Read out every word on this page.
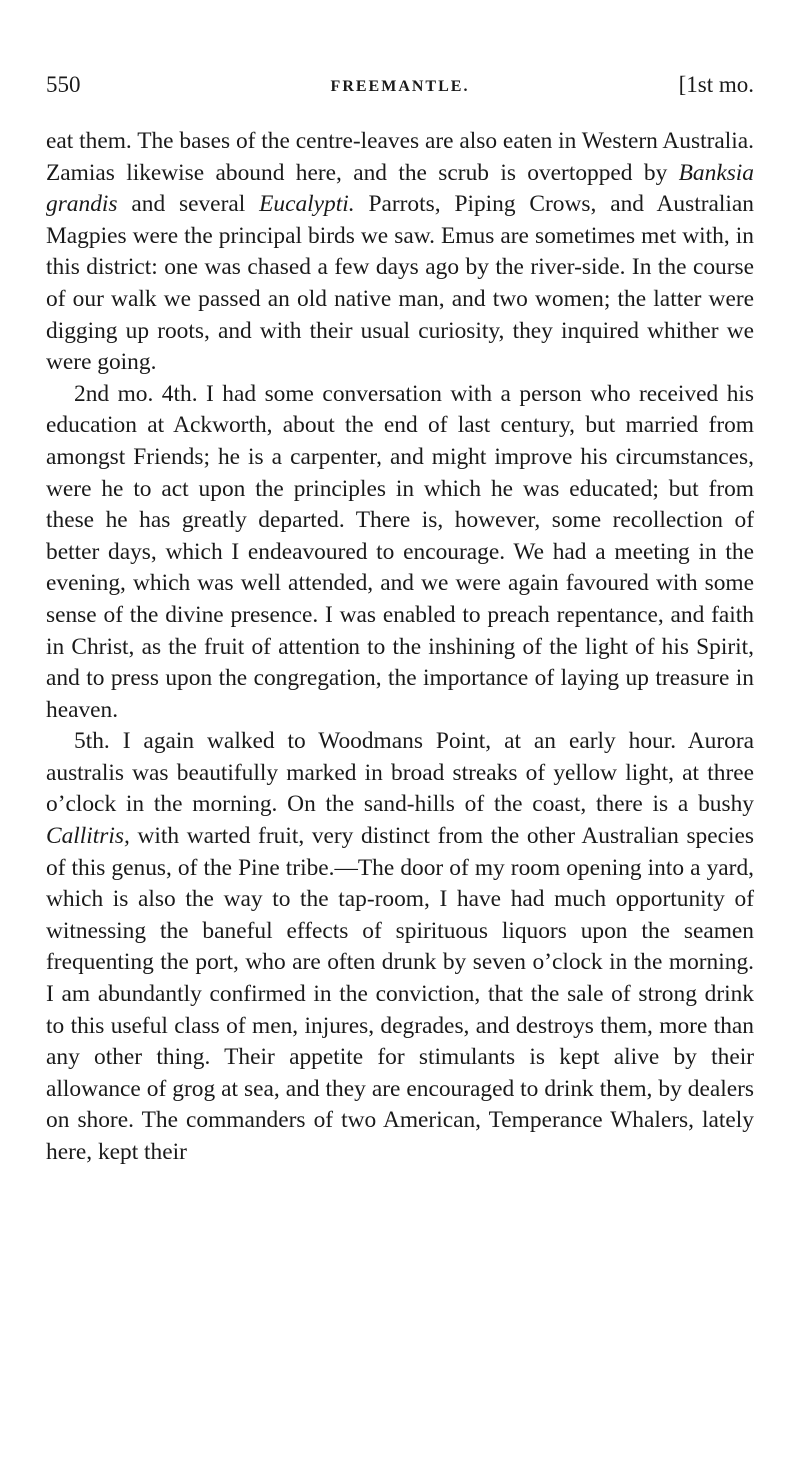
550	FREEMANTLE.	[1st mo.

eat them. The bases of the centre-leaves are also eaten in Western Australia. Zamias likewise abound here, and the scrub is overtopped by Banksia grandis and several Eucalypti. Parrots, Piping Crows, and Australian Magpies were the principal birds we saw. Emus are sometimes met with, in this district: one was chased a few days ago by the river-side. In the course of our walk we passed an old native man, and two women; the latter were digging up roots, and with their usual curiosity, they inquired whither we were going.

2nd mo. 4th. I had some conversation with a person who received his education at Ackworth, about the end of last century, but married from amongst Friends; he is a carpenter, and might improve his circumstances, were he to act upon the principles in which he was educated; but from these he has greatly departed. There is, however, some recollection of better days, which I endeavoured to encourage. We had a meeting in the evening, which was well attended, and we were again favoured with some sense of the divine presence. I was enabled to preach repentance, and faith in Christ, as the fruit of attention to the inshining of the light of his Spirit, and to press upon the congregation, the importance of laying up treasure in heaven.

5th. I again walked to Woodmans Point, at an early hour. Aurora australis was beautifully marked in broad streaks of yellow light, at three o’clock in the morning. On the sand-hills of the coast, there is a bushy Callitris, with warted fruit, very distinct from the other Australian species of this genus, of the Pine tribe.—The door of my room opening into a yard, which is also the way to the tap-room, I have had much opportunity of witnessing the baneful effects of spirituous liquors upon the seamen frequenting the port, who are often drunk by seven o’clock in the morning. I am abundantly confirmed in the conviction, that the sale of strong drink to this useful class of men, injures, degrades, and destroys them, more than any other thing. Their appetite for stimulants is kept alive by their allowance of grog at sea, and they are encouraged to drink them, by dealers on shore. The commanders of two American, Temperance Whalers, lately here, kept their
